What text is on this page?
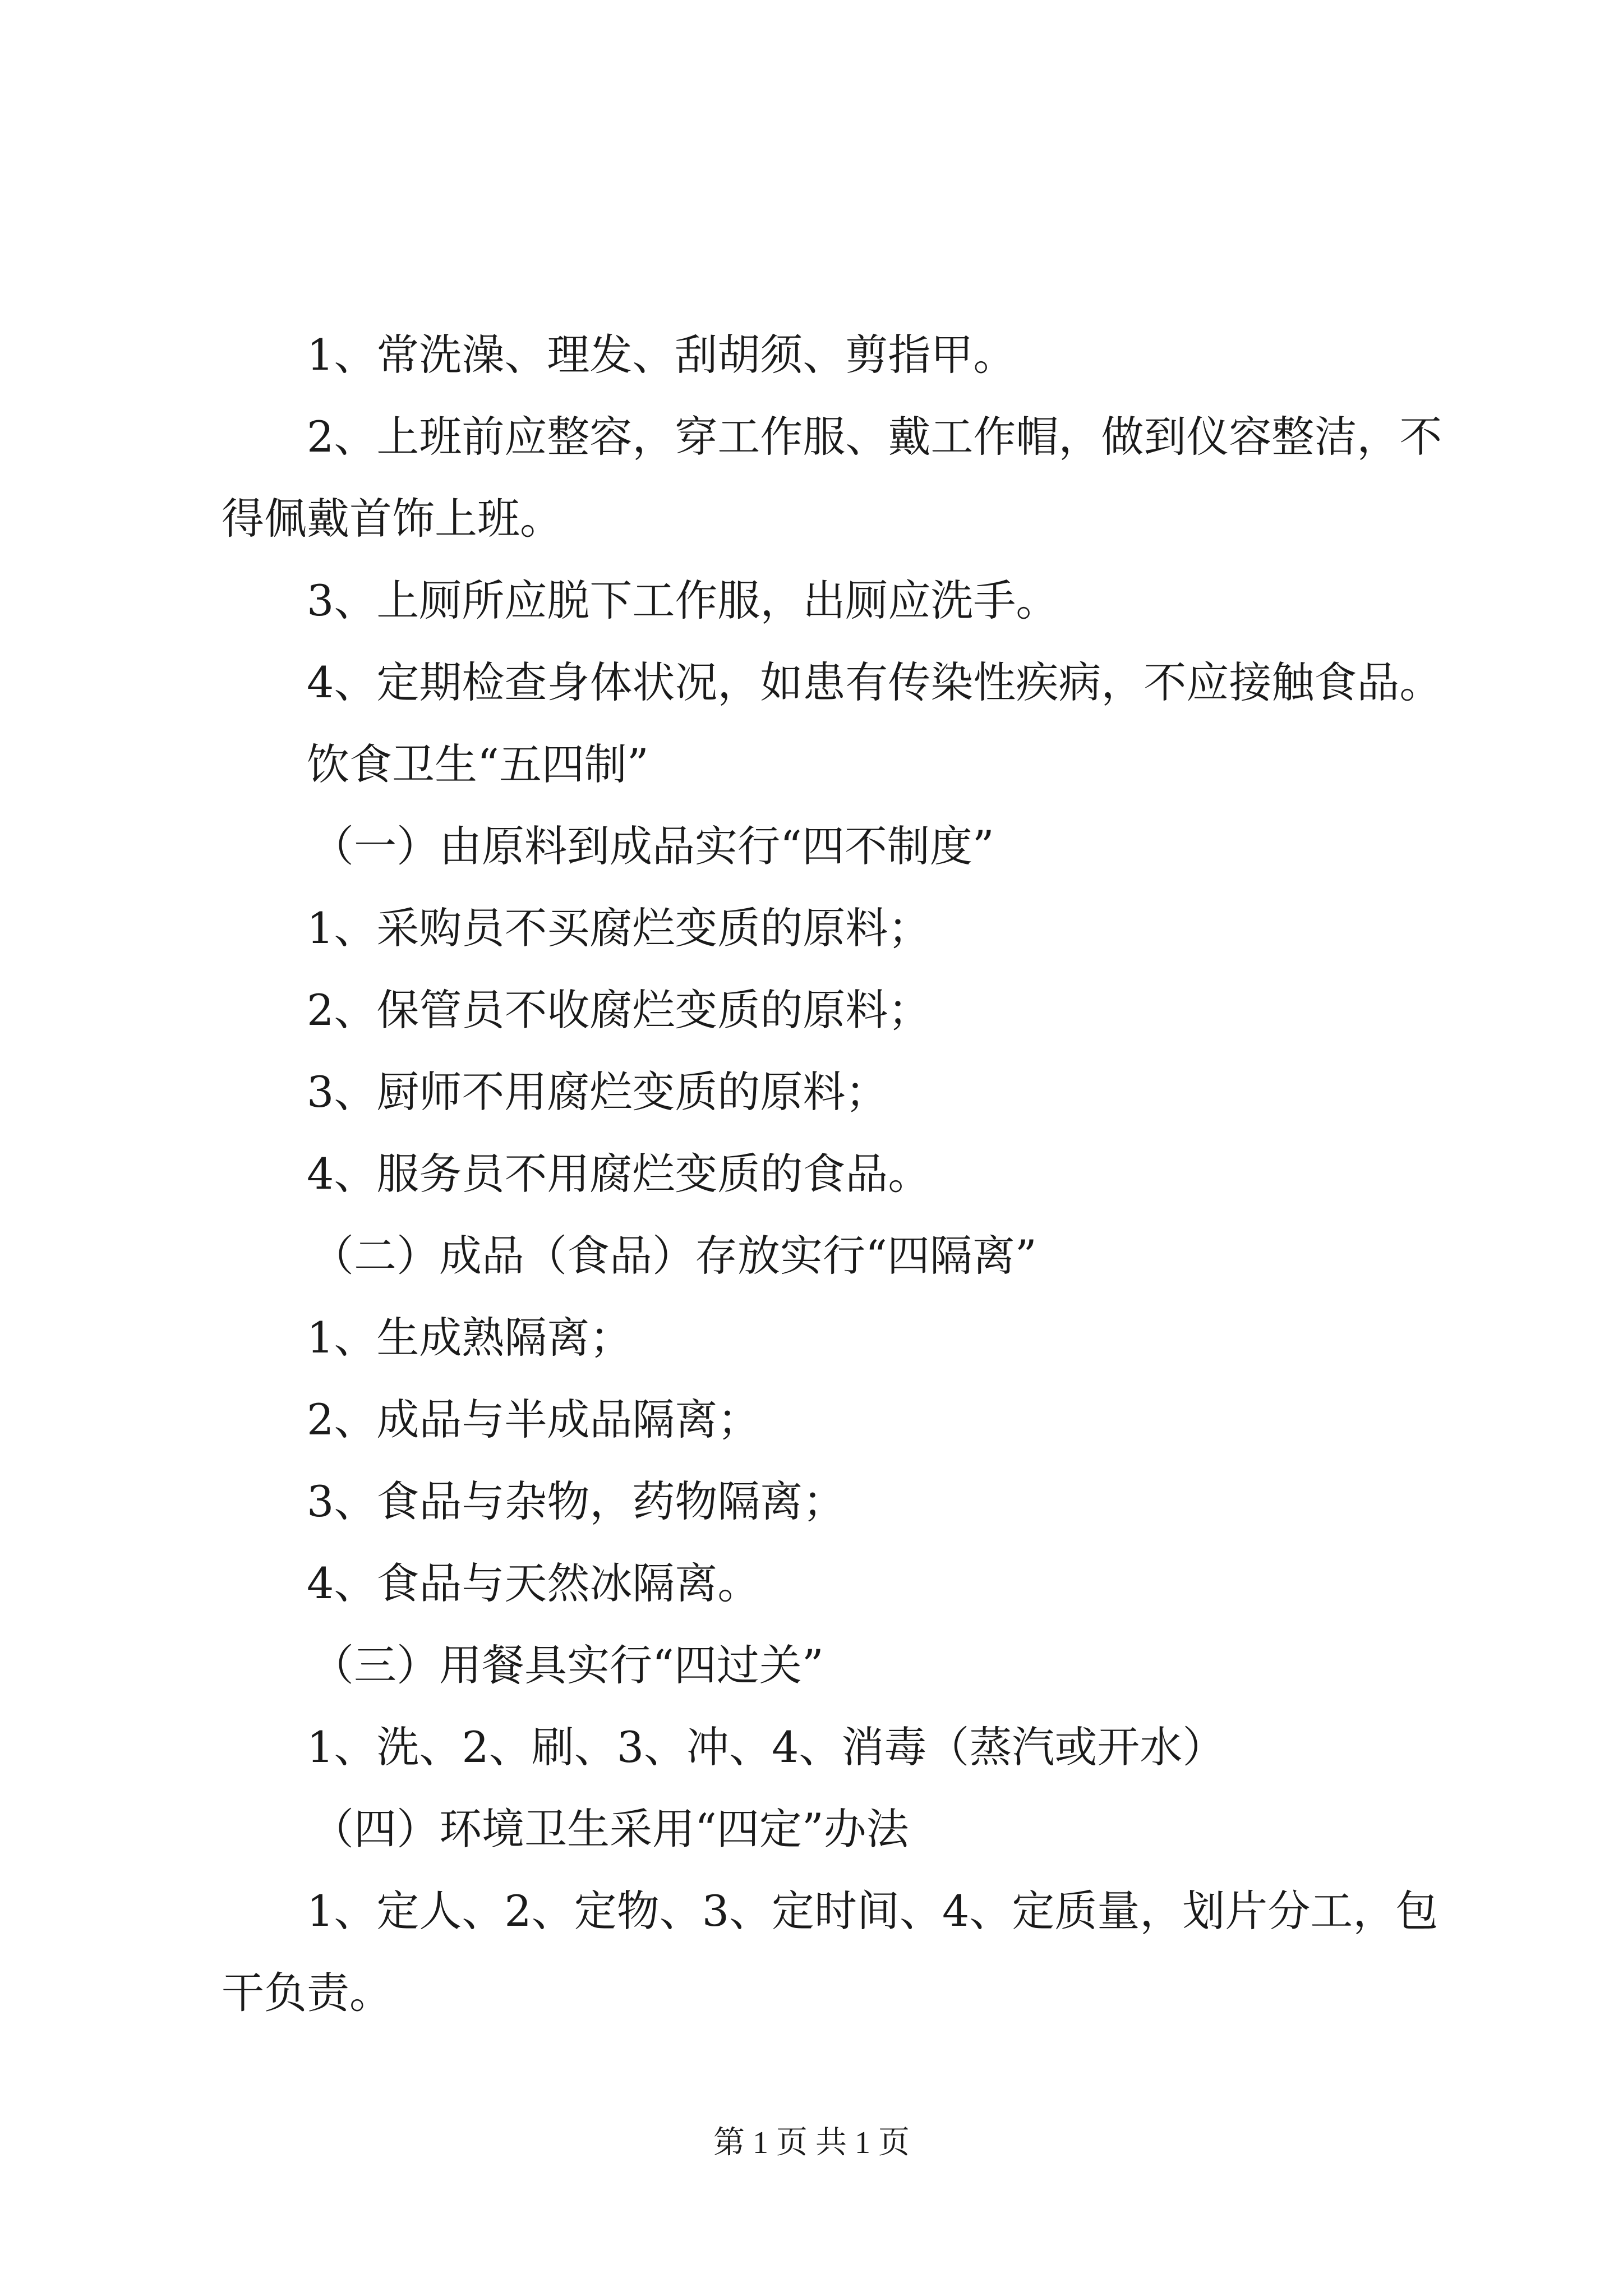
1、常洗澡、理发、刮胡须、剪指甲。

2、上班前应整容，穿工作服、戴工作帽，做到仪容整洁，不得佩戴首饰上班。

3、上厕所应脱下工作服，出厕应洗手。

4、定期检查身体状况，如患有传染性疾病，不应接触食品。

饮食卫生“五四制”

（一）由原料到成品实行“四不制度”

1、采购员不买腐烂变质的原料；

2、保管员不收腐烂变质的原料；

3、厨师不用腐烂变质的原料；

4、服务员不用腐烂变质的食品。

（二）成品（食品）存放实行“四隔离”

1、生成熟隔离；

2、成品与半成品隔离；

3、食品与杂物，药物隔离；

4、食品与天然冰隔离。

（三）用餐具实行“四过关”

1、洗、2、刷、3、冲、4、消毒（蒸汽或开水）

（四）环境卫生采用“四定”办法

1、定人、2、定物、3、定时间、4、定质量，划片分工，包干负责。

第 1 页 共 1 页
